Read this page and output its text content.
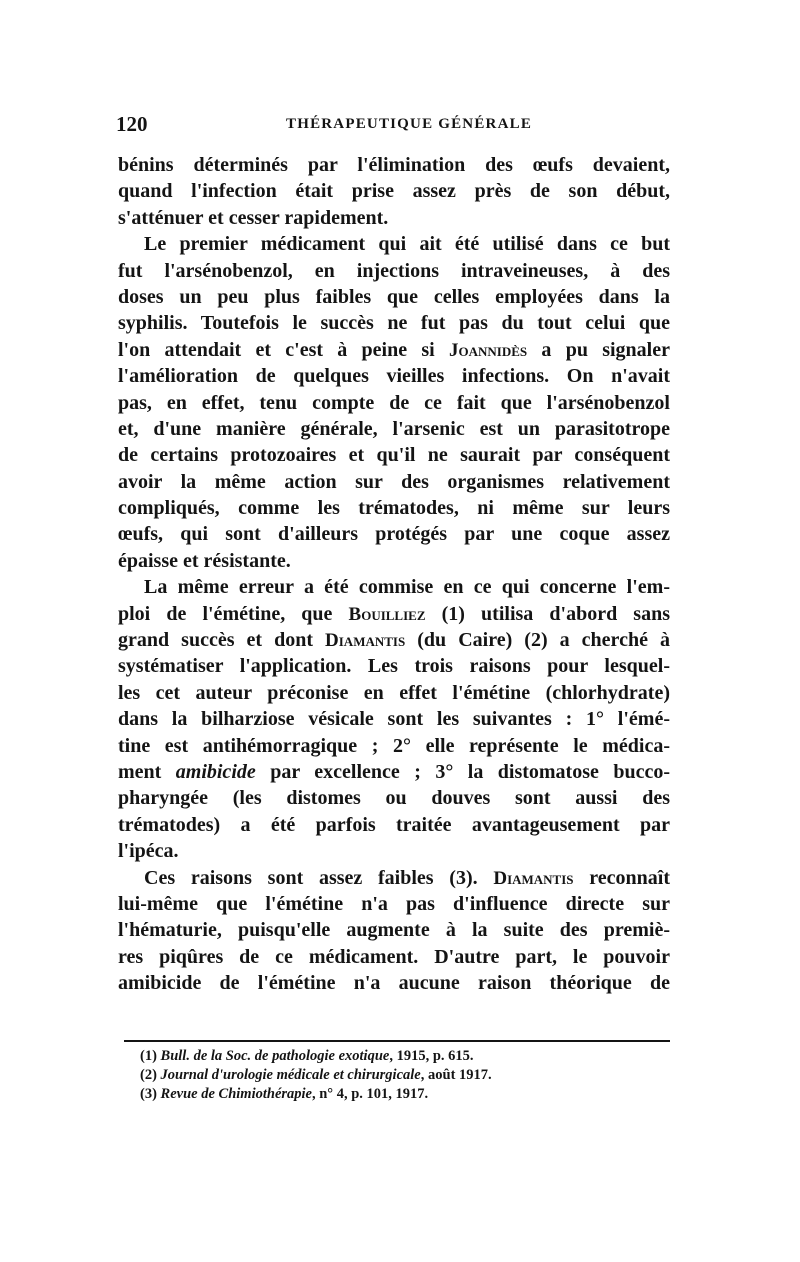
120	THÉRAPEUTIQUE GÉNÉRALE
bénins déterminés par l'élimination des œufs devaient,
quand l'infection était prise assez près de son début,
s'atténuer et cesser rapidement.
Le premier médicament qui ait été utilisé dans ce but
fut l'arsénobenzol, en injections intraveineuses, à des
doses un peu plus faibles que celles employées dans la
syphilis. Toutefois le succès ne fut pas du tout celui que
l'on attendait et c'est à peine si Joannidès a pu signaler
l'amélioration de quelques vieilles infections. On n'avait
pas, en effet, tenu compte de ce fait que l'arsénobenzol
et, d'une manière générale, l'arsenic est un parasitotrope
de certains protozoaires et qu'il ne saurait par conséquent
avoir la même action sur des organismes relativement
compliqués, comme les trématodes, ni même sur leurs
œufs, qui sont d'ailleurs protégés par une coque assez
épaisse et résistante.
La même erreur a été commise en ce qui concerne l'em-
ploi de l'émétine, que Bouilliez (1) utilisa d'abord sans
grand succès et dont Diamantis (du Caire) (2) a cherché à
systématiser l'application. Les trois raisons pour lesquel-
les cet auteur préconise en effet l'émétine (chlorhydrate)
dans la bilharziose vésicale sont les suivantes : 1° l'émé-
tine est antihémorragique ; 2° elle représente le médica-
ment amibicide par excellence ; 3° la distomatose bucco-
pharyngée (les distomes ou douves sont aussi des
trématodes) a été parfois traitée avantageusement par
l'ipéca.
Ces raisons sont assez faibles (3). Diamantis reconnaît
lui-même que l'émétine n'a pas d'influence directe sur
l'hématurie, puisqu'elle augmente à la suite des premiè-
res piqûres de ce médicament. D'autre part, le pouvoir
amibicide de l'émétine n'a aucune raison théorique de
(1) Bull. de la Soc. de pathologie exotique, 1915, p. 615.
(2) Journal d'urologie médicale et chirurgicale, août 1917.
(3) Revue de Chimiothérapie, n° 4, p. 101, 1917.
